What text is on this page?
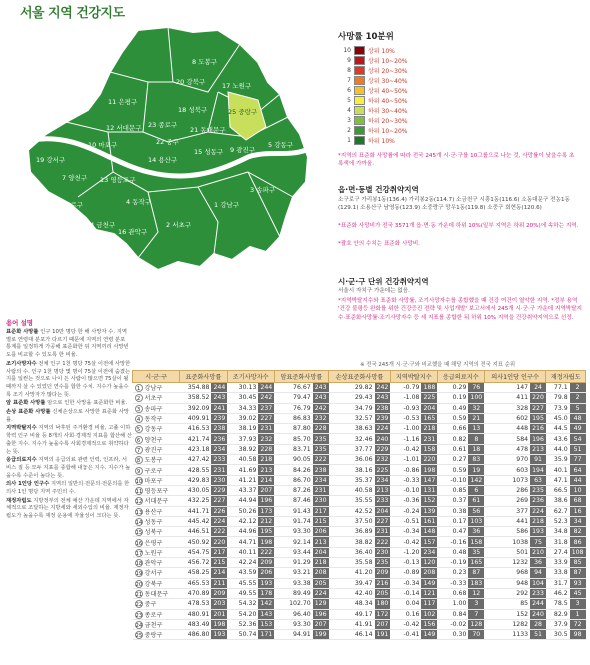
서울 지역 건강지도
8 도봉구
20 강북구	17 노원구
11 은평구
18 성북구	25 중랑구
23 종로구
21 동대문구
12 서대문구
22 중구
10 마포구
14 용산구
15 성동구 9 광진구
5 강동구
19 강서구
7 양천구 13 영등포구
4 동작구
6 구로구
24 금천구
16 관악구
2 서초구
1 강남구
3 송파구
사망률 10분위
10	상위 10%
9	상위 10~20%
8	상위 20~30%
7	상위 30~40%
6	상위 40~50%
5	하위 40~50%
4	하위 30~40%
3	하위 20~30%
2	하위 10~20%
1	하위 10%
*지역의 표준화 사망률에 따라 전국 245개 시·군·구를 10그룹으로 나눈 것, 사망률이 낮을수록 초록색에 가까움.
읍·면·동별 건강취약지역
소구로구 가리봉1동(136.4) 가리봉2동(114.7) 소금천구 시흥1동(116.6) 소동대문구 전농1동(129.1) 소용산구 남영동(123.9) 소중랑구 망우1동(119.8) 소중구 회현동(120.6)
*표준화 사망비가 전국 3571개 읍·면·동 가운데 하위 10%(일부 지역은 하위 20%)에 속하는 지역.
*괄호 안의 수치는 표준화 사망비.
시·군·구 단위 건강취약지역
서울시 자치구 가운데는 없음.
*지역박탈지수와 표준화 사망률, 조기사망자수를 종합했을 때 건강 여건이 열악한 지역. *정부 용역 '건강 불평등 완화를 위한 건강증진 전략 및 사업개발' 보고서에서 245개 시·군·구 가운데 지역박탈지수·표준화사망률·조기사망자수 등 세 지표를 종합한 뒤 하위 10% 지역을 건강취약지역으로 선정.
용어 설명

표준화 사망률 인구 10만 명당 한 해 사망자 수. 지역별로 연령대 분포가 다르기 때문에 지역의 연령 분포 통계를 일정하게 가공해 표준화한 뒤 지역끼리 사망빈도를 비교할 수 있도록 한 비율.

조기사망자수 전체 인구 1천 명당 75살 이전에 사망한 사람의 수. 인구 1천 명당 몇 명이 75살 이전에 숨졌는지를 일컫는 것으로 나이 든 사람이 많으면 75살이 될 때까지 살 수 있었던 연수를 합한 수치. 지수가 높을수록 조기 사망자가 많다는 뜻.

암 표준화 사망률 암으로 인한 사망을 표준화한 비율.

손상 표준화 사망률 신체손상으로 사망한 표준화 사망률.

지역박탈지수 지역의 낙후된 주거환경 비율, 고졸 이하 학력 인구 비율 등 8개의 사회·경제적 지표를 합산해 산출한 지수. 지수가 높을수록 사회경제적으로 취약하다는 뜻.

응급의료지수 지역의 응급의료 관련 인력, 인프라, 서비스 질 등 모두 지표를 종합해 내놓은 지수. 지수가 높을수록 수준이 높다는 뜻.

의사 1인당 인구수 지역의 일반의·전문의·전문의를 한 의사 1인 명당 지역 주민의 수.

재정자립도 지방정부의 전체 예산 가운데 지역에서 자체적으로 조달하는 지방세와 세외수입의 비율. 재정자립도가 높을수록 재정 운용에 자율성이 크다는 뜻.

※ 전국 245개 시·군·구와 비교했을 때 해당 지역의 전국 지표 순위
시·군·구	표준화사망률		조기사망자수		암표준화사망률		손상표준화사망률		지역박탈지수		응급의료지수		의사1인당 인구수		재정자립도	
1 강남구	354.88	244	30.13	244	76.67	243	29.82	242	-0.79	188	0.29	76	147	24	77.1	2
2 서초구	358.52	243	30.45	242	79.47	243	29.43	243	-1.08	225	0.19	100	411	220	79.8	2
3 송파구	392.09	241	34.33	237	76.79	242	34.79	238	-0.93	204	0.49	32	328	227	73.9	5
4 동작구	409.91	239	39.02	227	86.83	232	32.57	239	-0.53	165	0.59	21	602	195	45.0	48
5 강동구	416.53	238	38.19	231	87.80	228	38.63	224	-1.00	218	0.66	13	448	216	44.5	49
6 양천구	421.74	236	37.93	232	85.70	235	32.46	240	-1.16	231	0.82	8	584	196	43.6	54
7 광진구	423.18	234	38.92	228	83.71	235	37.77	229	-0.42	158	0.61	18	478	213	44.0	51
8 도봉구	427.42	233	40.58	218	90.05	222	36.06	232	-1.01	220	0.27	83	970	91	35.9	77
9 구로구	428.55	231	41.69	213	84.26	238	38.16	225	-0.86	198	0.59	19	603	194	40.1	64
10 마포구	429.83	230	41.21	214	86.70	234	35.37	234	-0.33	147	-0.10	142	1073	63	47.1	44
11 영등포구	430.05	229	43.37	207	87.26	231	40.58	213	-0.10	131	0.85	6	286	235	66.5	10
12 서대문구	432.25	227	44.94	196	87.46	230	35.55	233	-0.36	152	0.37	61	269	236	38.6	68
13 용산구	441.71	226	50.26	173	91.43	217	42.52	204	-0.24	139	0.38	56	377	224	62.7	16
14 성동구	445.42	224	42.12	212	91.74	215	37.50	227	-0.51	161	0.17	103	441	218	52.3	34
15 성북구	446.51	222	44.96	195	93.30	206	36.89	231	-0.34	148	0.47	36	586	193	34.8	82
16 은평구	450.92	220	44.71	198	92.14	213	38.82	222	-0.42	157	-0.16	158	1038	75	31.8	86
17 노원구	454.75	217	40.11	222	93.44	204	36.40	230	-1.20	234	0.48	35	501	210	27.4	108
18 관악구	456.72	215	42.24	209	91.29	218	35.58	235	-0.13	120	-0.19	165	1232	36	33.9	85
19 강서구	458.25	214	43.59	206	93.21	208	41.20	209	-0.89	208	0.23	87	968	94	33.8	87
20 강북구	465.53	211	45.55	193	93.38	205	39.47	216	-0.34	149	-0.33	183	948	104	31.7	93
21 동대문구	470.89	209	49.55	178	89.49	224	42.40	205	-0.14	121	0.68	12	292	233	46.2	45
22 중구	478.53	203	54.32	142	102.70	129	48.34	180	0.04	117	1.00	3	85	244	78.5	3
23 종로구	480.91	201	54.20	143	96.40	196	49.17	172	0.16	102	0.84	7	152	240	82.9	1
24 금천구	483.49	198	52.36	153	93.30	207	41.91	207	-0.42	156	-0.02	128	1282	28	37.9	72
25 중랑구	486.80	193	50.74	171	94.91	199	46.14	191	-0.41	149	0.30	70	1133	51	30.5	98
